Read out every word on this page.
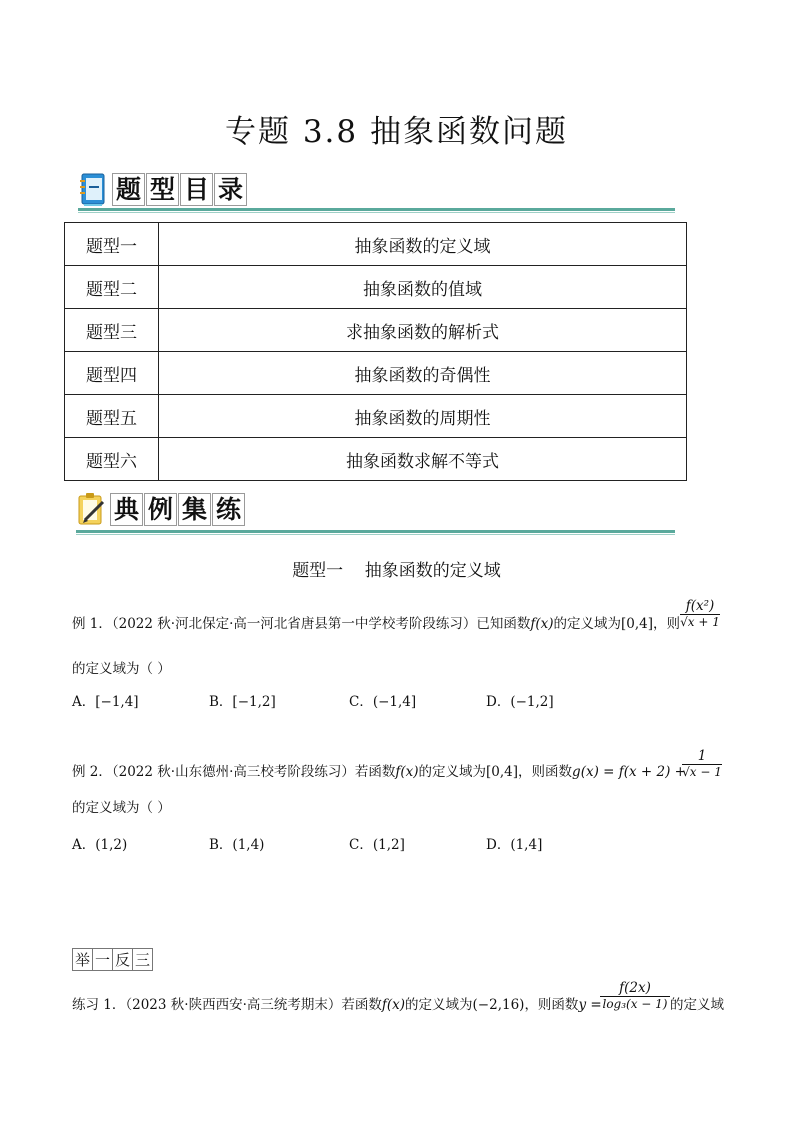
专题 3.8 抽象函数问题
题 型 目 录
题型一	抽象函数的定义域
题型二	抽象函数的值域
题型三	求抽象函数的解析式
题型四	抽象函数的奇偶性
题型五	抽象函数的周期性
题型六	抽象函数求解不等式
典 例 集 练
题型一    抽象函数的定义域
例 1．（2022 秋·河北保定·高一河北省唐县第一中学校考阶段练习）已知函数f(x)的定义域为[0,4]，则 $\frac{\text{f(x²)}}{√x + 1}$
的定义域为（ ）
A．[−1,4]	B．[−1,2]	C．(−1,4]	D．(−1,2]
例 2．（2022 秋·山东德州·高三校考阶段练习）若函数f(x)的定义域为[0,4]，则函数g(x) = f(x + 2) +
$\frac{1}{√x - 1}$
的定义域为（ ）
A．(1,2)	B．(1,4)	C．(1,2]	D．(1,4]
举 一 反 三
练习 1．（2023 秋·陕西西安·高三统考期末）若函数f(x)的定义域为(−2,16)，则函数y =
$\frac{f(2x)}{\text{log₃(x − 1)}}$ 的定义域
